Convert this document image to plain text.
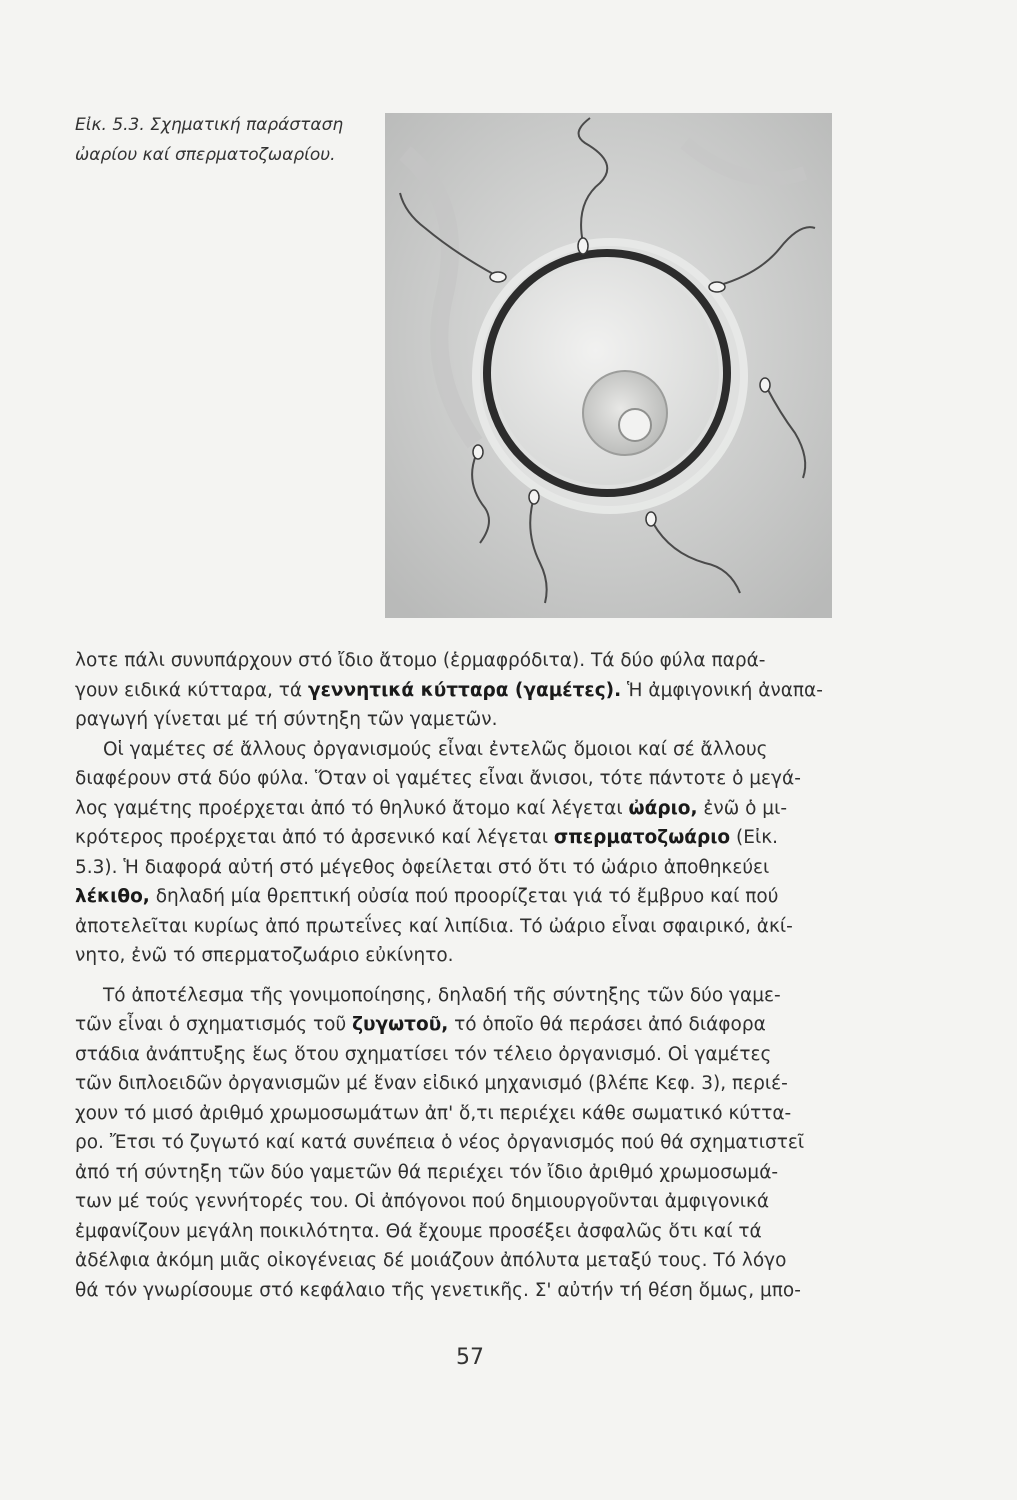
Εἰκ. 5.3. Σχηματική παράσταση
ὠαρίου καί σπερματοζωαρίου.
λοτε πάλι συνυπάρχουν στό ἴδιο ἄτομο (ἑρμαφρόδιτα). Τά δύο φύλα παρά-
γουν ειδικά κύτταρα, τά γεννητικά κύτταρα (γαμέτες). Ἡ ἀμφιγονική ἀναπα-
ραγωγή γίνεται μέ τή σύντηξη τῶν γαμετῶν.
Οἱ γαμέτες σέ ἄλλους ὀργανισμούς εἶναι ἐντελῶς ὅμοιοι καί σέ ἄλλους
διαφέρουν στά δύο φύλα. Ὅταν οἱ γαμέτες εἶναι ἄνισοι, τότε πάντοτε ὁ μεγά-
λος γαμέτης προέρχεται ἀπό τό θηλυκό ἄτομο καί λέγεται ὠάριο, ἐνῶ ὁ μι-
κρότερος προέρχεται ἀπό τό ἀρσενικό καί λέγεται σπερματοζωάριο (Εἰκ.
5.3). Ἡ διαφορά αὐτή στό μέγεθος ὀφείλεται στό ὅτι τό ὠάριο ἀποθηκεύει
λέκιθο, δηλαδή μία θρεπτική οὐσία πού προορίζεται γιά τό ἔμβρυο καί πού
ἀποτελεῖται κυρίως ἀπό πρωτεΐνες καί λιπίδια. Τό ὠάριο εἶναι σφαιρικό, ἀκί-
νητο, ἐνῶ τό σπερματοζωάριο εὐκίνητο.
Τό ἀποτέλεσμα τῆς γονιμοποίησης, δηλαδή τῆς σύντηξης τῶν δύο γαμε-
τῶν εἶναι ὁ σχηματισμός τοῦ ζυγωτοῦ, τό ὁποῖο θά περάσει ἀπό διάφορα
στάδια ἀνάπτυξης ἕως ὅτου σχηματίσει τόν τέλειο ὀργανισμό. Οἱ γαμέτες
τῶν διπλοειδῶν ὀργανισμῶν μέ ἕναν εἰδικό μηχανισμό (βλέπε Κεφ. 3), περιέ-
χουν τό μισό ἀριθμό χρωμοσωμάτων ἀπ' ὅ,τι περιέχει κάθε σωματικό κύττα-
ρο. Ἔτσι τό ζυγωτό καί κατά συνέπεια ὁ νέος ὀργανισμός πού θά σχηματιστεῖ
ἀπό τή σύντηξη τῶν δύο γαμετῶν θά περιέχει τόν ἴδιο ἀριθμό χρωμοσωμά-
των μέ τούς γεννήτορές του. Οἱ ἀπόγονοι πού δημιουργοῦνται ἀμφιγονικά
ἐμφανίζουν μεγάλη ποικιλότητα. Θά ἔχουμε προσέξει ἀσφαλῶς ὅτι καί τά
ἀδέλφια ἀκόμη μιᾶς οἰκογένειας δέ μοιάζουν ἀπόλυτα μεταξύ τους. Τό λόγο
θά τόν γνωρίσουμε στό κεφάλαιο τῆς γενετικῆς. Σ' αὐτήν τή θέση ὅμως, μπο-
57
